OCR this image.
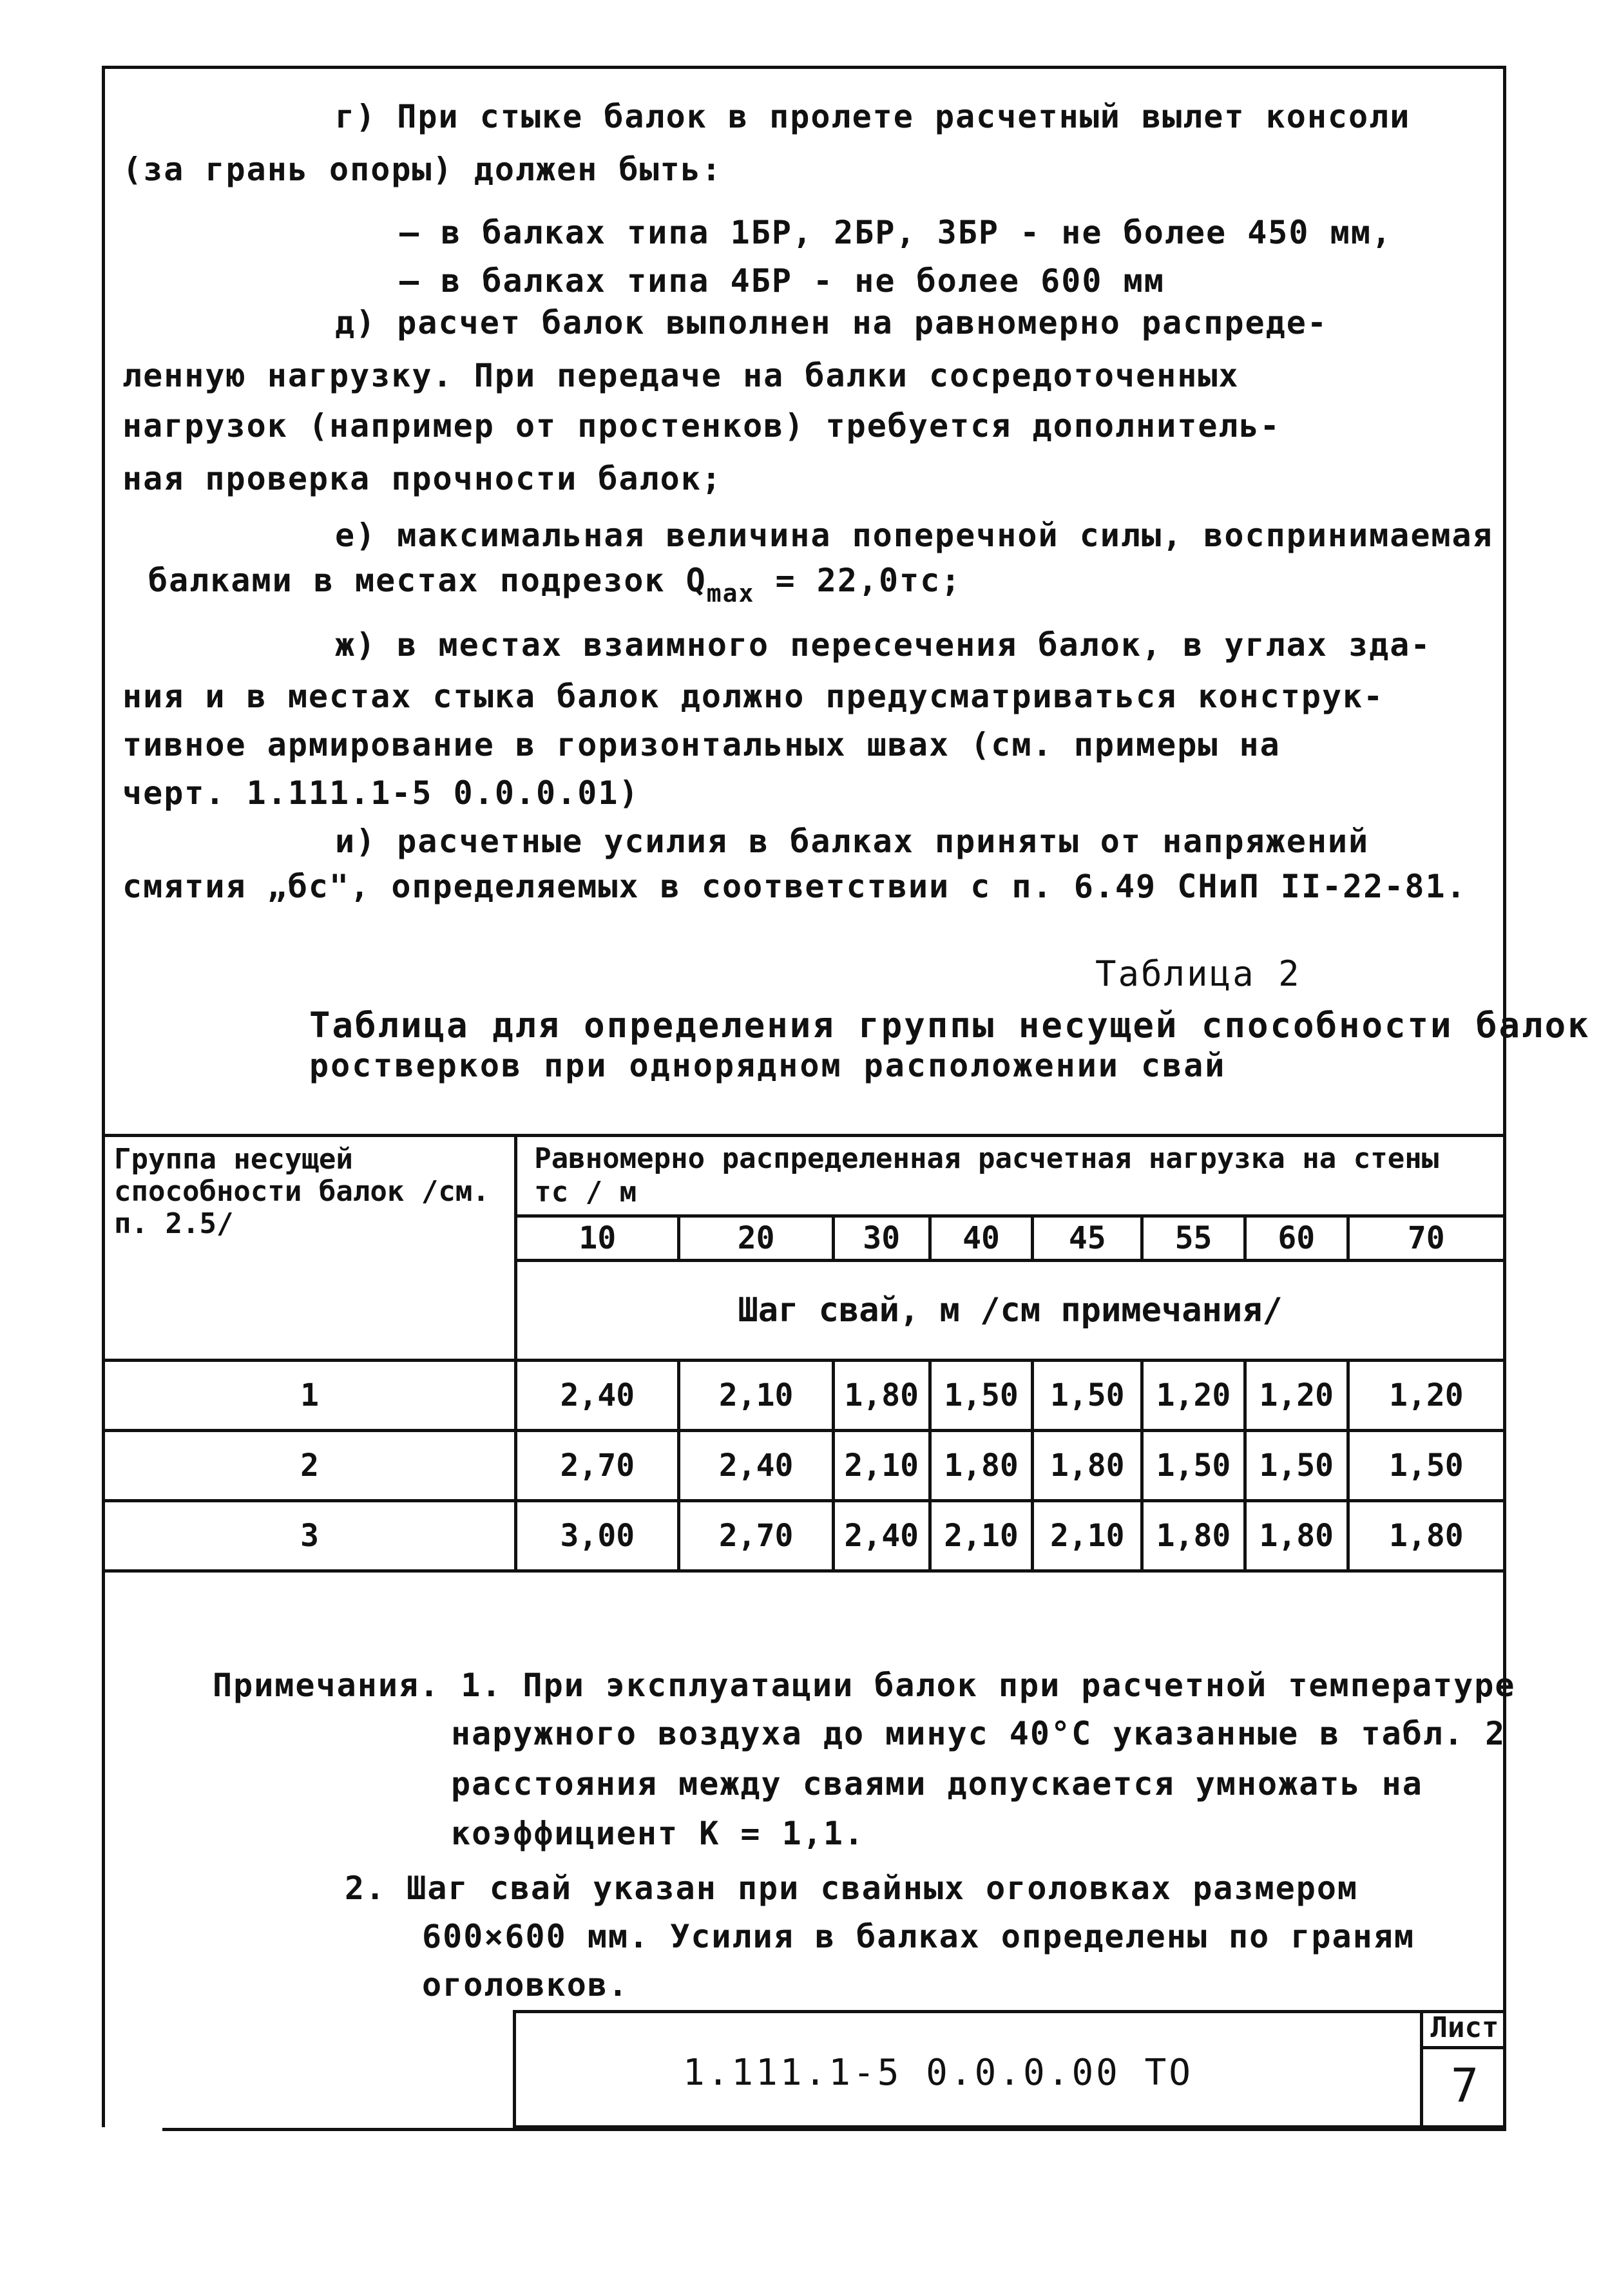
г) При стыке балок в пролете расчетный вылет консоли
(за грань опоры) должен быть:
– в балках типа 1БР, 2БР, 3БР - не более 450 мм,
– в балках типа 4БР - не более 600 мм
д) расчет балок выполнен на равномерно распреде-
ленную нагрузку. При передаче на балки сосредоточенных
нагрузок (например от простенков) требуется дополнитель-
ная проверка прочности балок;
е) максимальная величина поперечной силы, воспринимаемая
балками в местах подрезок $Q_{max} = 22,0тс$;
ж) в местах взаимного пересечения балок, в углах зда-
ния и в местах стыка балок должно предусматриваться конструк-
тивное армирование в горизонтальных швах (см. примеры на
черт. 1.111.1-5 0.0.0.01)
и) расчетные усилия в балках приняты от напряжений
смятия „бс", определяемых в соответствии с п. 6.49 СНиП II-22-81.
Таблица 2
Таблица для определения группы несущей способности балок
ростверков при однорядном расположении свай
Группа несущей способности балок /см. п. 2.5/	Равномерно распределенная расчетная нагрузка на стены тс / м							
	10	20	30	40	45	55	60	70
	Шаг свай, м /см примечания/							
1	2,40	2,10	1,80	1,50	1,50	1,20	1,20	1,20
2	2,70	2,40	2,10	1,80	1,80	1,50	1,50	1,50
3	3,00	2,70	2,40	2,10	2,10	1,80	1,80	1,80
Примечания. 1. При эксплуатации балок при расчетной температуре
наружного воздуха до минус 40°С указанные в табл. 2
расстояния между сваями допускается умножать на
коэффициент К = 1,1.
2. Шаг свай указан при свайных оголовках размером
600×600 мм. Усилия в балках определены по граням
оголовков.
1.111.1-5 0.0.0.00 ТО
Лист
7
